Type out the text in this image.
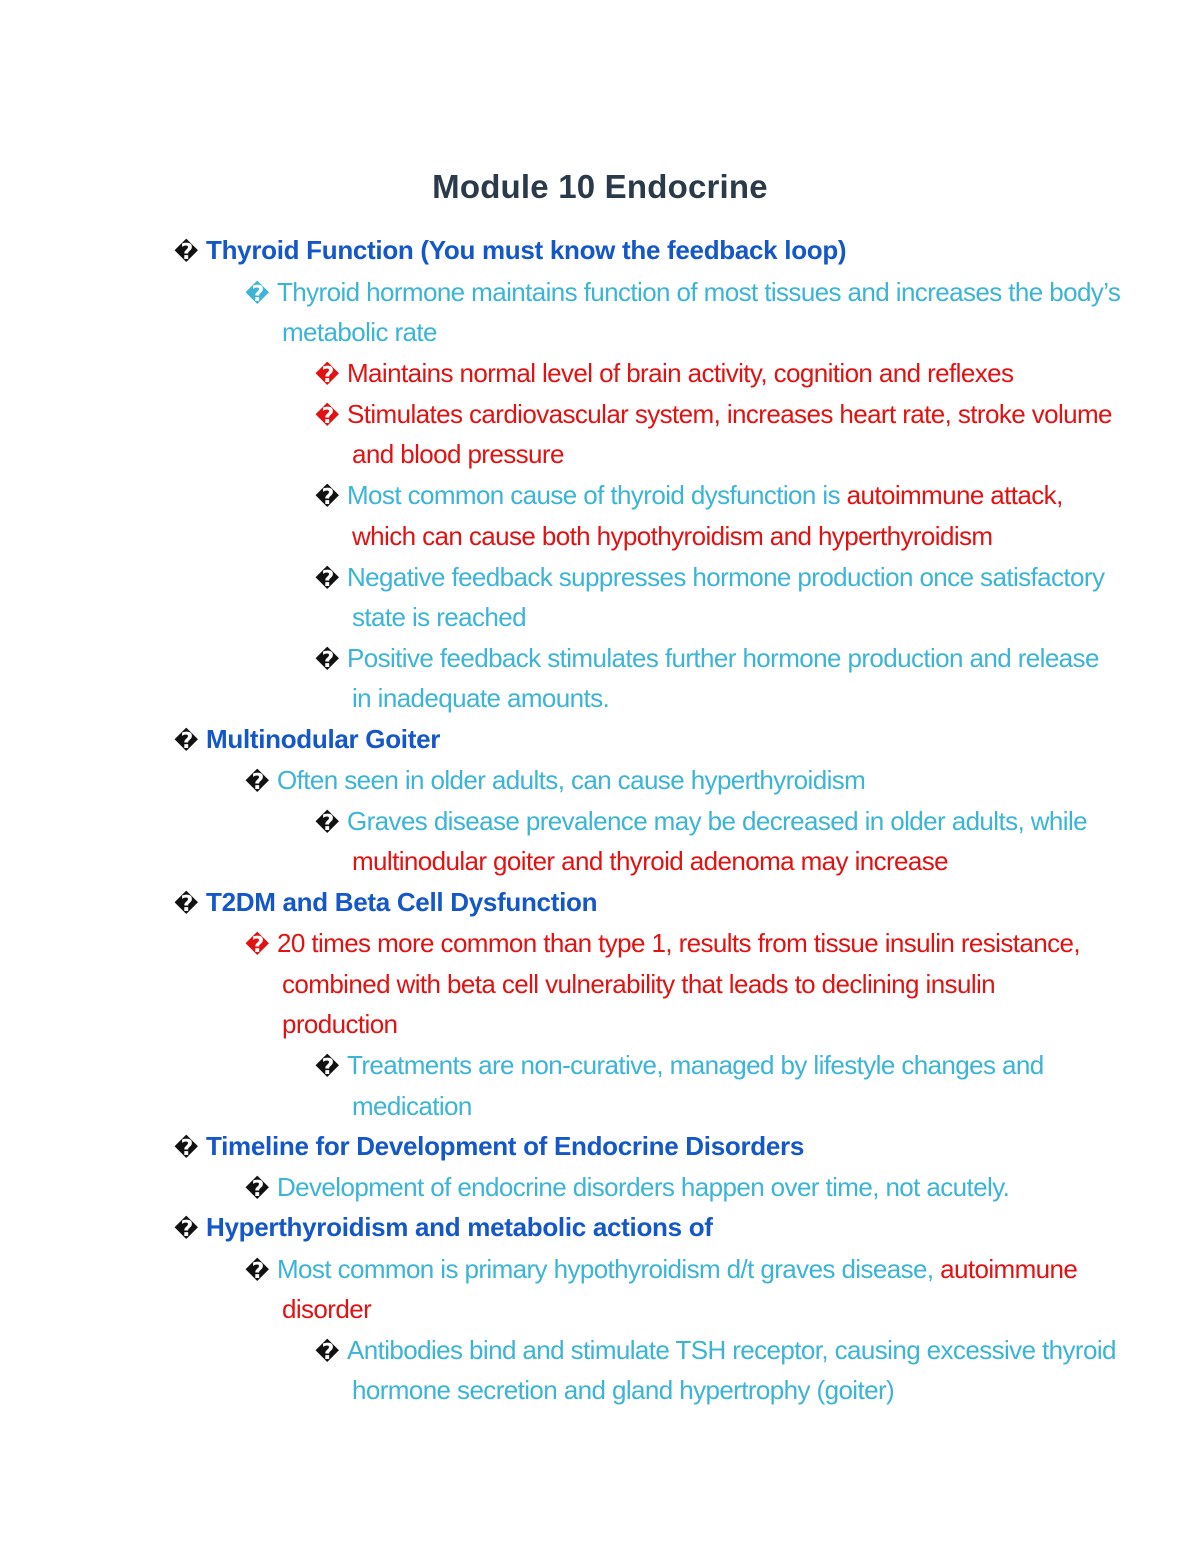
Module 10 Endocrine
� Thyroid Function (You must know the feedback loop)
� Thyroid hormone maintains function of most tissues and increases the body’s
metabolic rate
� Maintains normal level of brain activity, cognition and reflexes
� Stimulates cardiovascular system, increases heart rate, stroke volume
and blood pressure
� Most common cause of thyroid dysfunction is autoimmune attack,
which can cause both hypothyroidism and hyperthyroidism
� Negative feedback suppresses hormone production once satisfactory
state is reached
� Positive feedback stimulates further hormone production and release
in inadequate amounts.
� Multinodular Goiter
� Often seen in older adults, can cause hyperthyroidism
� Graves disease prevalence may be decreased in older adults, while
multinodular goiter and thyroid adenoma may increase
� T2DM and Beta Cell Dysfunction
� 20 times more common than type 1, results from tissue insulin resistance,
combined with beta cell vulnerability that leads to declining insulin
production
� Treatments are non-curative, managed by lifestyle changes and
medication
� Timeline for Development of Endocrine Disorders
� Development of endocrine disorders happen over time, not acutely.
� Hyperthyroidism and metabolic actions of
� Most common is primary hypothyroidism d/t graves disease, autoimmune
disorder
� Antibodies bind and stimulate TSH receptor, causing excessive thyroid
hormone secretion and gland hypertrophy (goiter)
